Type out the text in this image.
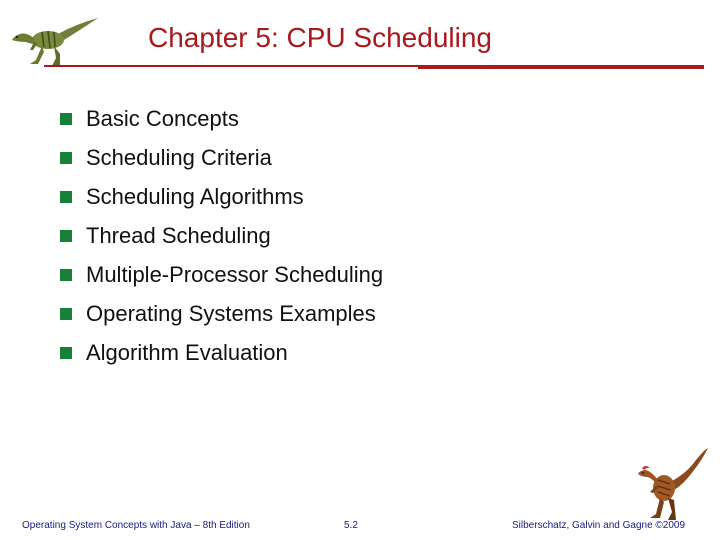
Chapter 5: CPU Scheduling
Basic Concepts
Scheduling Criteria
Scheduling Algorithms
Thread Scheduling
Multiple-Processor Scheduling
Operating Systems Examples
Algorithm Evaluation
Operating System Concepts with Java – 8th Edition	5.2	Silberschatz, Galvin and Gagne ©2009
